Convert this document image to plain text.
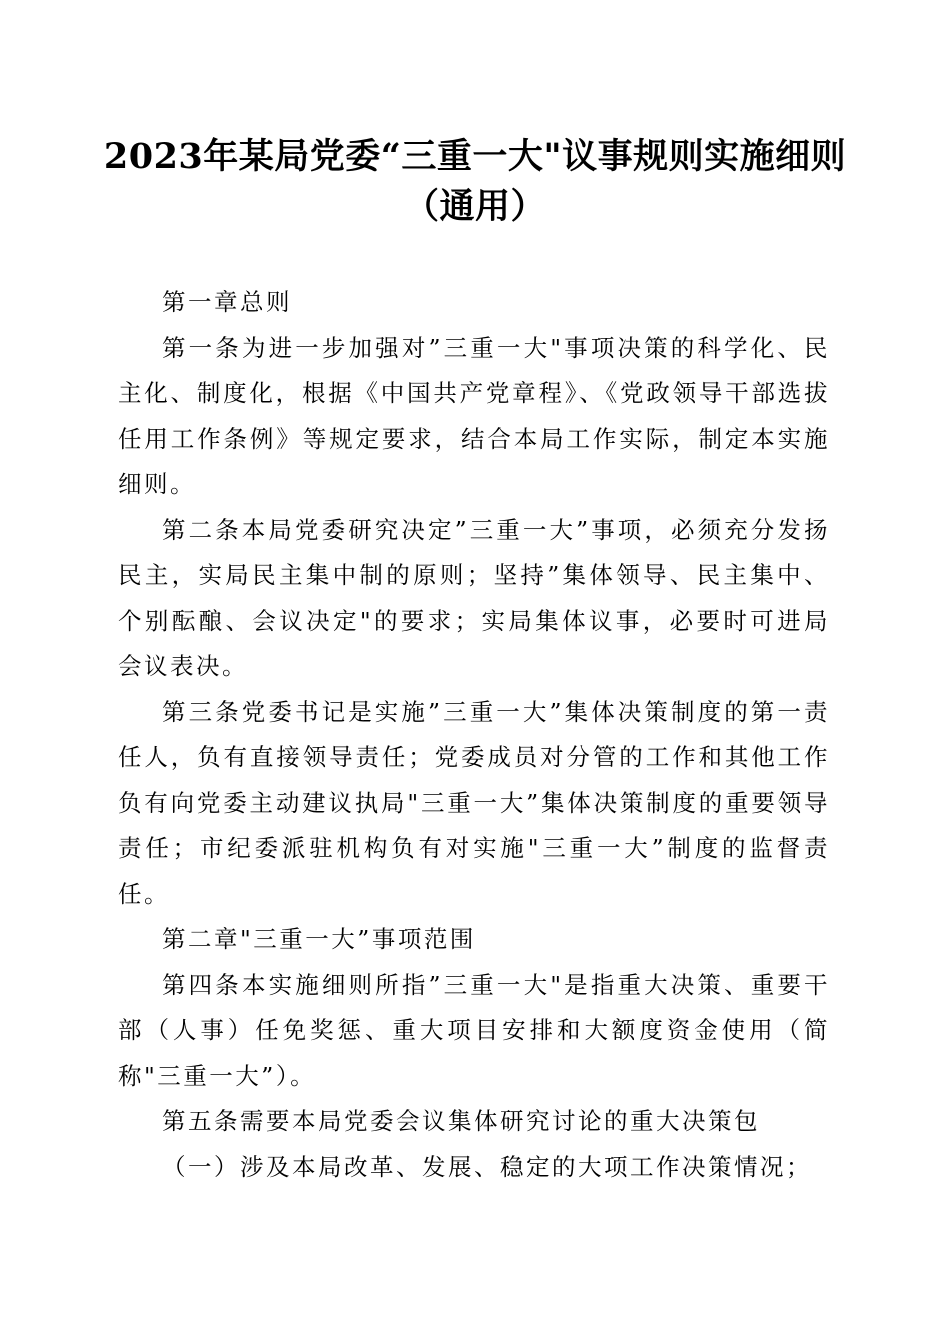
2023年某局党委“三重一大"议事规则实施细则（通用）

第一章总则

第一条为进一步加强对”三重一大"事项决策的科学化、民主化、制度化，根据《中国共产党章程》、《党政领导干部选拔任用工作条例》等规定要求，结合本局工作实际，制定本实施细则。

第二条本局党委研究决定”三重一大”事项，必须充分发扬民主，实局民主集中制的原则；坚持”集体领导、民主集中、个别酝酿、会议决定"的要求；实局集体议事，必要时可进局会议表决。

第三条党委书记是实施”三重一大”集体决策制度的第一责任人，负有直接领导责任；党委成员对分管的工作和其他工作负有向党委主动建议执局"三重一大”集体决策制度的重要领导责任；市纪委派驻机构负有对实施"三重一大”制度的监督责任。

第二章"三重一大”事项范围

第四条本实施细则所指”三重一大"是指重大决策、重要干部（人事）任免奖惩、重大项目安排和大额度资金使用（简称"三重一大”）。

第五条需要本局党委会议集体研究讨论的重大决策包

（一）涉及本局改革、发展、稳定的大项工作决策情况；
